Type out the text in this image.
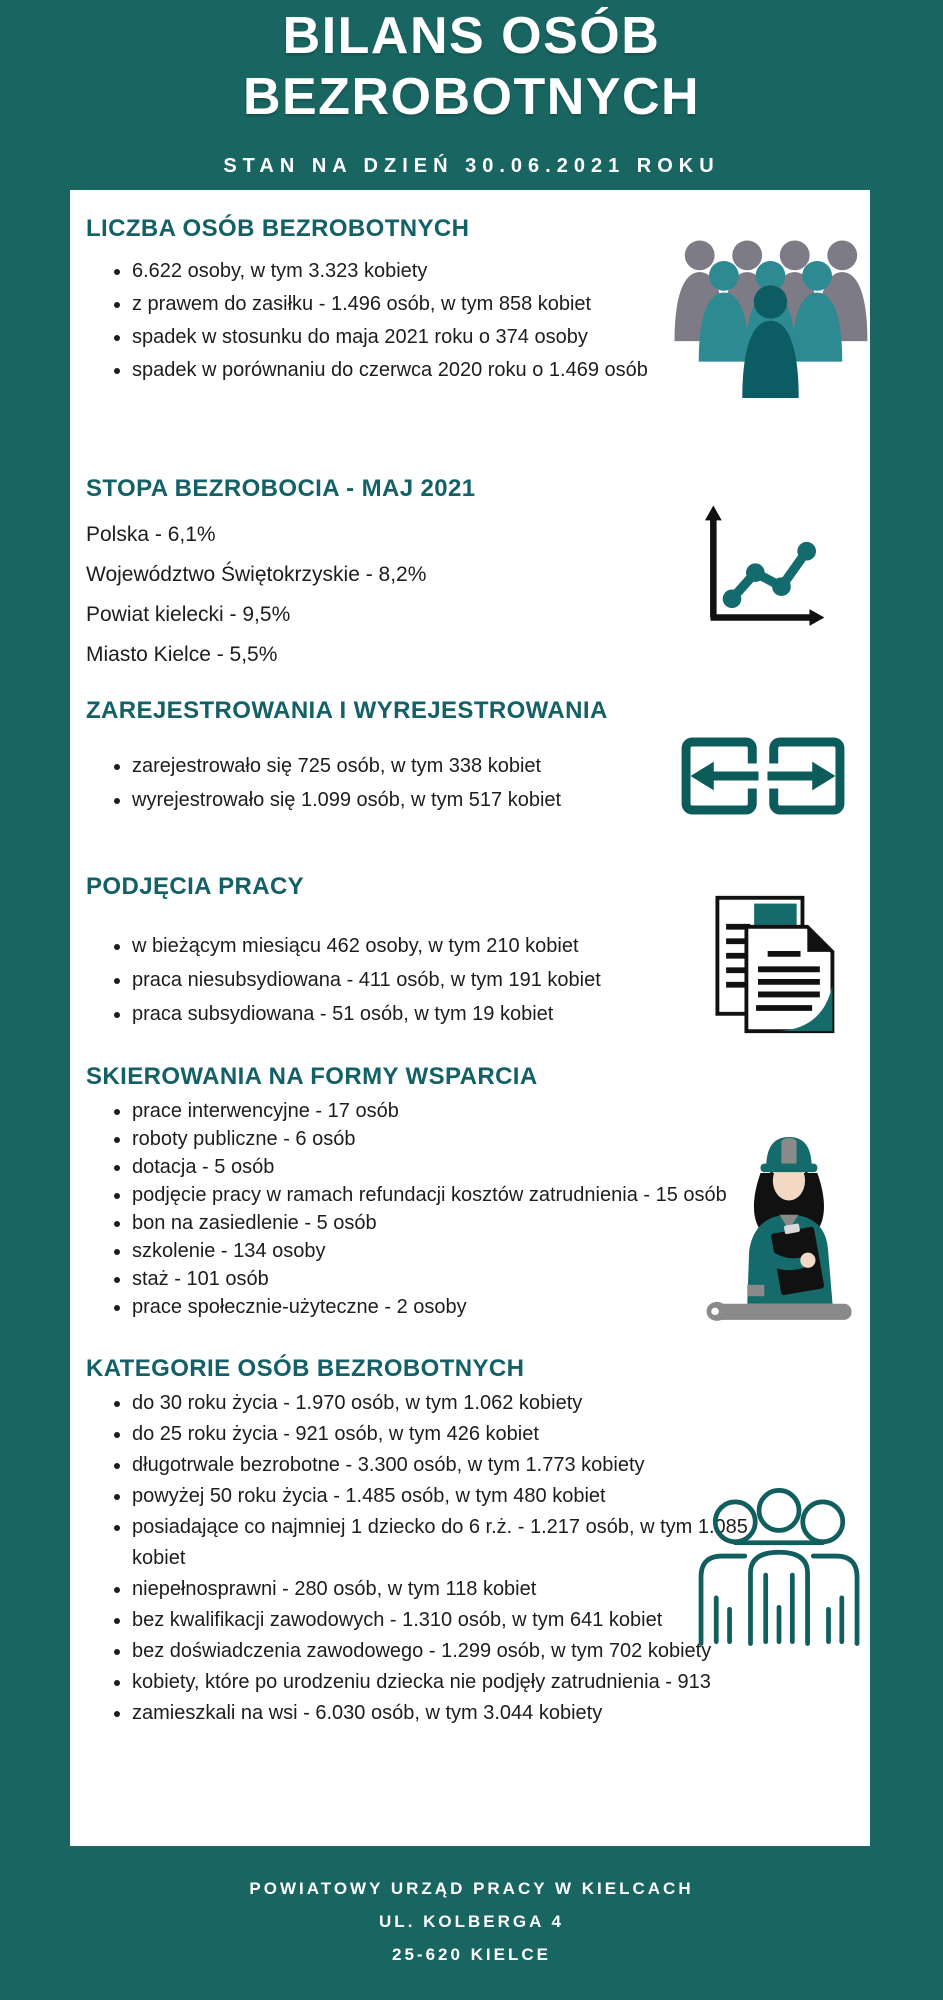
BILANS OSÓB
BEZROBOTNYCH
STAN NA DZIEŃ 30.06.2021 ROKU
LICZBA OSÓB BEZROBOTNYCH
• 6.622 osoby, w tym 3.323 kobiety
• z prawem do zasiłku - 1.496 osób, w tym 858 kobiet
• spadek w stosunku do maja 2021 roku o 374 osoby
• spadek w porównaniu do czerwca 2020 roku o 1.469 osób
STOPA BEZROBOCIA - MAJ 2021

Polska - 6,1%

Województwo Świętokrzyskie - 8,2%

Powiat kielecki - 9,5%

Miasto Kielce - 5,5%

ZAREJESTROWANIA I WYREJESTROWANIA
• zarejestrowało się 725 osób, w tym 338 kobiet
• wyrejestrowało się 1.099 osób, w tym 517 kobiet
PODJĘCIA PRACY
• w bieżącym miesiącu 462 osoby, w tym 210 kobiet
• praca niesubsydiowana - 411 osób, w tym 191 kobiet
• praca subsydiowana - 51 osób, w tym 19 kobiet
SKIEROWANIA NA FORMY WSPARCIA
• prace interwencyjne - 17 osób
• roboty publiczne - 6 osób
• dotacja - 5 osób
• podjęcie pracy w ramach refundacji kosztów zatrudnienia - 15 osób
• bon na zasiedlenie - 5 osób
• szkolenie - 134 osoby
• staż - 101 osób
• prace społecznie-użyteczne - 2 osoby
KATEGORIE OSÓB BEZROBOTNYCH
• do 30 roku życia - 1.970 osób, w tym 1.062 kobiety
• do 25 roku życia - 921 osób, w tym 426 kobiet
• długotrwale bezrobotne - 3.300 osób, w tym 1.773 kobiety
• powyżej 50 roku życia - 1.485 osób, w tym 480 kobiet
• posiadające co najmniej 1 dziecko do 6 r.ż. - 1.217 osób, w tym 1.085 kobiet
• niepełnosprawni - 280 osób, w tym 118 kobiet
• bez kwalifikacji zawodowych - 1.310 osób, w tym 641 kobiet
• bez doświadczenia zawodowego - 1.299 osób, w tym 702 kobiety
• kobiety, które po urodzeniu dziecka nie podjęły zatrudnienia - 913
• zamieszkali na wsi - 6.030 osób, w tym 3.044 kobiety

POWIATOWY URZĄD PRACY W KIELCACH

UL. KOLBERGA 4

25-620 KIELCE
